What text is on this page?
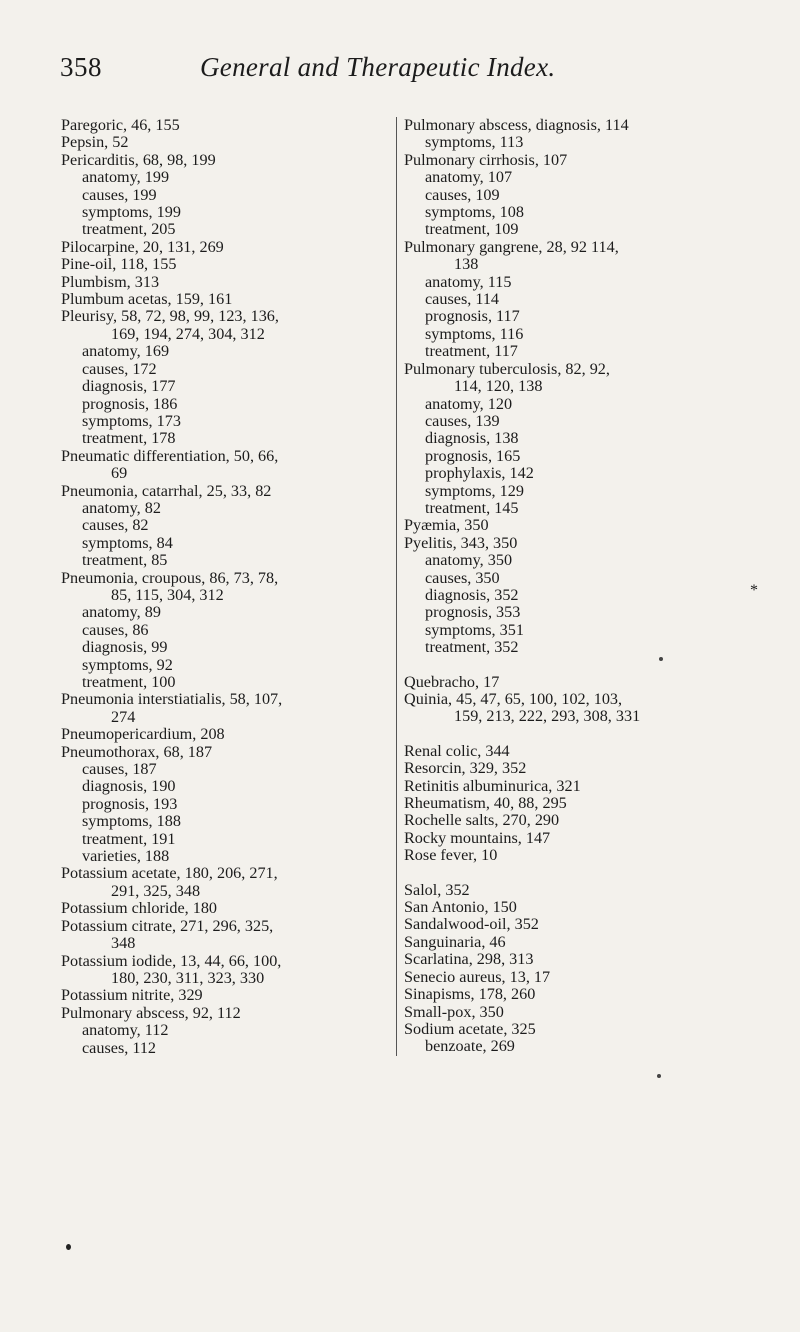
358	General and Therapeutic Index.
Paregoric, 46, 155
Pepsin, 52
Pericarditis, 68, 98, 199
anatomy, 199
causes, 199
symptoms, 199
treatment, 205
Pilocarpine, 20, 131, 269
Pine-oil, 118, 155
Plumbism, 313
Plumbum acetas, 159, 161
Pleurisy, 58, 72, 98, 99, 123, 136,
169, 194, 274, 304, 312
anatomy, 169
causes, 172
diagnosis, 177
prognosis, 186
symptoms, 173
treatment, 178
Pneumatic differentiation, 50, 66,
69
Pneumonia, catarrhal, 25, 33, 82
anatomy, 82
causes, 82
symptoms, 84
treatment, 85
Pneumonia, croupous, 86, 73, 78,
85, 115, 304, 312
anatomy, 89
causes, 86
diagnosis, 99
symptoms, 92
treatment, 100
Pneumonia interstiatialis, 58, 107,
274
Pneumopericardium, 208
Pneumothorax, 68, 187
causes, 187
diagnosis, 190
prognosis, 193
symptoms, 188
treatment, 191
varieties, 188
Potassium acetate, 180, 206, 271,
291, 325, 348
Potassium chloride, 180
Potassium citrate, 271, 296, 325,
348
Potassium iodide, 13, 44, 66, 100,
180, 230, 311, 323, 330
Potassium nitrite, 329
Pulmonary abscess, 92, 112
anatomy, 112
causes, 112
Pulmonary abscess, diagnosis, 114
symptoms, 113
Pulmonary cirrhosis, 107
anatomy, 107
causes, 109
symptoms, 108
treatment, 109
Pulmonary gangrene, 28, 92 114,
138
anatomy, 115
causes, 114
prognosis, 117
symptoms, 116
treatment, 117
Pulmonary tuberculosis, 82, 92,
114, 120, 138
anatomy, 120
causes, 139
diagnosis, 138
prognosis, 165
prophylaxis, 142
symptoms, 129
treatment, 145
Pyæmia, 350
Pyelitis, 343, 350
anatomy, 350
causes, 350
diagnosis, 352
prognosis, 353
symptoms, 351
treatment, 352
Quebracho, 17
Quinia, 45, 47, 65, 100, 102, 103,
159, 213, 222, 293, 308, 331
Renal colic, 344
Resorcin, 329, 352
Retinitis albuminurica, 321
Rheumatism, 40, 88, 295
Rochelle salts, 270, 290
Rocky mountains, 147
Rose fever, 10
Salol, 352
San Antonio, 150
Sandalwood-oil, 352
Sanguinaria, 46
Scarlatina, 298, 313
Senecio aureus, 13, 17
Sinapisms, 178, 260
Small-pox, 350
Sodium acetate, 325
benzoate, 269
*
